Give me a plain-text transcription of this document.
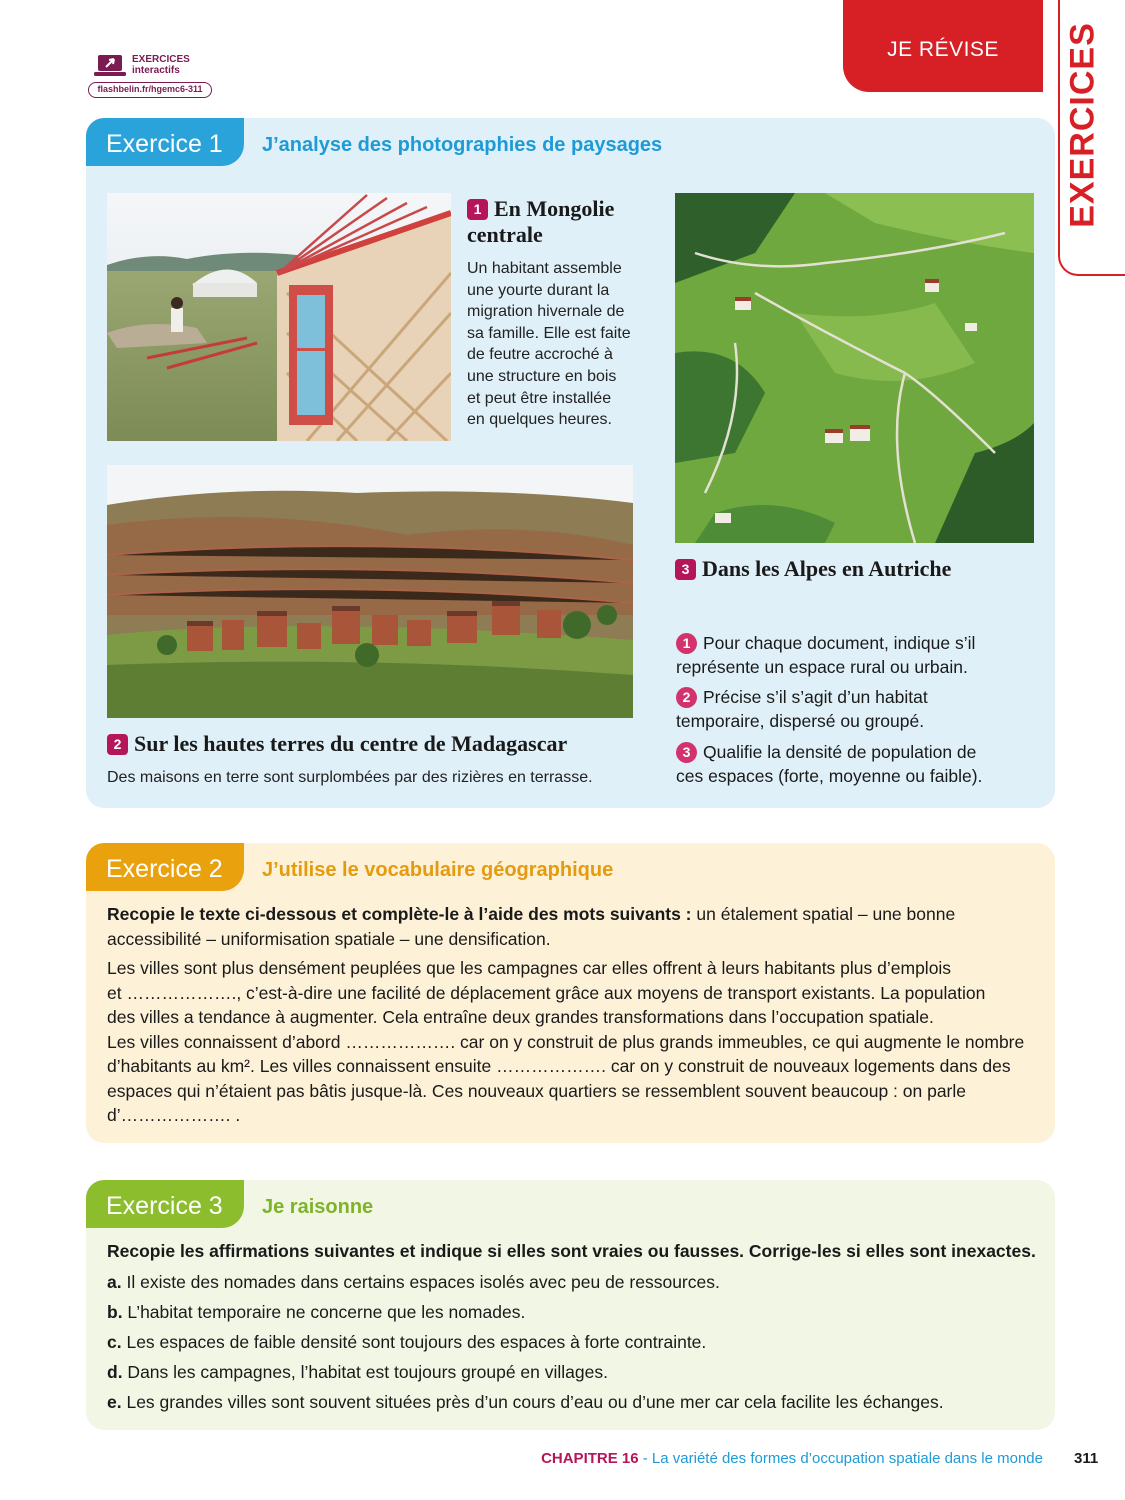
JE RÉVISE	EXERCICES
EXERCICES
interactifs
flashbelin.fr/hgemc6-311
Exercice 1	J’analyse des photographies de paysages
1 En Mongolie
centrale
Un habitant assemble
une yourte durant la
migration hivernale de
sa famille. Elle est faite
de feutre accroché à
une structure en bois
et peut être installée
en quelques heures.
3 Dans les Alpes en Autriche
2 Sur les hautes terres du centre de Madagascar
Des maisons en terre sont surplombées par des rizières en terrasse.
1 Pour chaque document, indique s’il
représente un espace rural ou urbain.
2 Précise s’il s’agit d’un habitat
temporaire, dispersé ou groupé.
3 Qualifie la densité de population de
ces espaces (forte, moyenne ou faible).
Exercice 2	J’utilise le vocabulaire géographique
Recopie le texte ci-dessous et complète-le à l’aide des mots suivants : un étalement spatial – une bonne
accessibilité – uniformisation spatiale – une densification.
Les villes sont plus densément peuplées que les campagnes car elles offrent à leurs habitants plus d’emplois
et ………………., c’est-à-dire une facilité de déplacement grâce aux moyens de transport existants. La population
des villes a tendance à augmenter. Cela entraîne deux grandes transformations dans l’occupation spatiale.
Les villes connaissent d’abord ………………. car on y construit de plus grands immeubles, ce qui augmente le nombre
d’habitants au km². Les villes connaissent ensuite ………………. car on y construit de nouveaux logements dans des
espaces qui n’étaient pas bâtis jusque-là. Ces nouveaux quartiers se ressemblent souvent beaucoup : on parle
d’………………. .
Exercice 3	Je raisonne
Recopie les affirmations suivantes et indique si elles sont vraies ou fausses. Corrige-les si elles sont inexactes.
a. Il existe des nomades dans certains espaces isolés avec peu de ressources.
b. L’habitat temporaire ne concerne que les nomades.
c. Les espaces de faible densité sont toujours des espaces à forte contrainte.
d. Dans les campagnes, l’habitat est toujours groupé en villages.
e. Les grandes villes sont souvent situées près d’un cours d’eau ou d’une mer car cela facilite les échanges.
CHAPITRE 16 - La variété des formes d’occupation spatiale dans le monde 311
